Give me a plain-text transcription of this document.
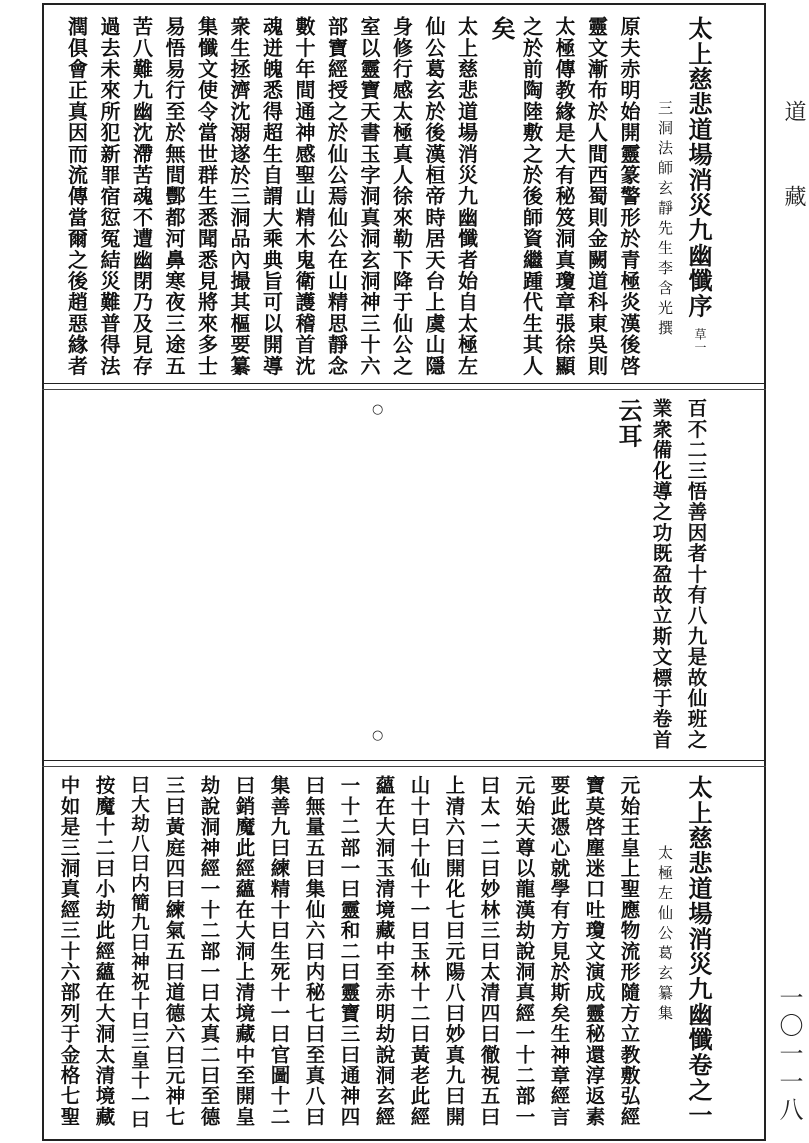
道
藏
一〇一一八
太上慈悲道場消災九幽懺序
草一
三洞法師玄靜先生李含光撰
原夫赤明始開靈篆警形於青極炎漢後啓
靈文漸布於人間西蜀則金闕道科東吳則
太極傳教緣是大有秘笈洞真瓊章張徐顯
之於前陶陸敷之於後師資繼踵代生其人
矣
太上慈悲道場消災九幽懺者始自太極左
仙公葛玄於後漢桓帝時居天台上虞山隱
身修行感太極真人徐來勒下降于仙公之
室以靈寶天書玉字洞真洞玄洞神三十六
部寶經授之於仙公焉仙公在山精思靜念
數十年間通神感聖山精木鬼衛護稽首沈
魂迸魄悉得超生自謂大乘典旨可以開導
衆生拯濟沈溺遂於三洞品內撮其樞要纂
集懺文使令當世群生悉聞悉見將來多士
易悟易行至於無間酆都河鼻寒夜三途五
苦八難九幽沈滯苦魂不遭幽閉乃及見存
過去未來所犯新罪宿愆冤結災難普得法
潤俱會正真因而流傳當爾之後趙惡緣者
百不二三悟善因者十有八九是故仙班之
業衆備化導之功既盈故立斯文標于卷首
云耳
○
○
太上慈悲道場消災九幽懺卷之一
太極左仙公葛玄纂集
元始王皇上聖應物流形隨方立教敷弘經
寶莫啓塵迷口吐瓊文演成靈秘還淳返素
要此憑心就學有方見於斯矣生神章經言
元始天尊以龍漢劫說洞真經一十二部一
曰太一二曰妙林三曰太清四曰徹視五曰
上清六曰開化七曰元陽八曰妙真九曰開
山十曰十仙十一曰玉林十二曰黃老此經
蘊在大洞玉清境藏中至赤明劫說洞玄經
一十二部一曰靈和二曰靈寶三曰通神四
曰無量五曰集仙六曰内秘七曰至真八曰
集善九曰練精十曰生死十一曰官圖十二
曰銷魔此經蘊在大洞上清境藏中至開皇
劫說洞神經一十二部一曰太真二曰至德
三曰黃庭四曰練氣五曰道德六曰元神七
曰大劫八曰内簡九曰神祝十曰三皇十一曰
按魔十二曰小劫此經蘊在大洞太清境藏
中如是三洞真經三十六部列于金格七聖
